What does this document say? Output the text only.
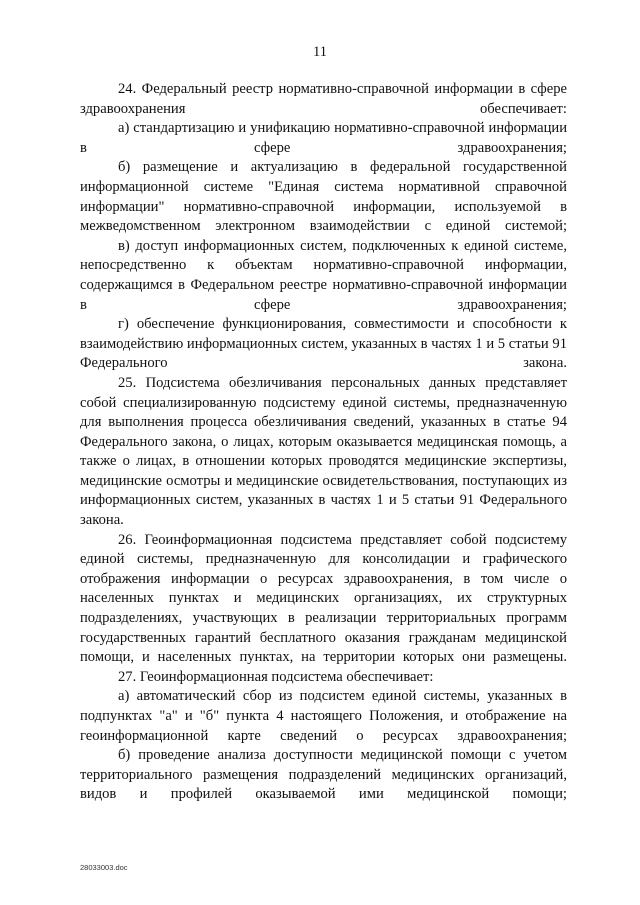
11

24. Федеральный реестр нормативно-справочной информации в сфере здравоохранения обеспечивает:

а) стандартизацию и унификацию нормативно-справочной информации в сфере здравоохранения;

б) размещение и актуализацию в федеральной государственной информационной системе "Единая система нормативной справочной информации" нормативно-справочной информации, используемой в межведомственном электронном взаимодействии с единой системой;

в) доступ информационных систем, подключенных к единой системе, непосредственно к объектам нормативно-справочной информации, содержащимся в Федеральном реестре нормативно-справочной информации в сфере здравоохранения;

г) обеспечение функционирования, совместимости и способности к взаимодействию информационных систем, указанных в частях 1 и 5 статьи 91 Федерального закона.

25. Подсистема обезличивания персональных данных представляет собой специализированную подсистему единой системы, предназначенную для выполнения процесса обезличивания сведений, указанных в статье 94 Федерального закона, о лицах, которым оказывается медицинская помощь, а также о лицах, в отношении которых проводятся медицинские экспертизы, медицинские осмотры и медицинские освидетельствования, поступающих из информационных систем, указанных в частях 1 и 5 статьи 91 Федерального закона.

26. Геоинформационная подсистема представляет собой подсистему единой системы, предназначенную для консолидации и графического отображения информации о ресурсах здравоохранения, в том числе о населенных пунктах и медицинских организациях, их структурных подразделениях, участвующих в реализации территориальных программ государственных гарантий бесплатного оказания гражданам медицинской помощи, и населенных пунктах, на территории которых они размещены.

27. Геоинформационная подсистема обеспечивает:

а) автоматический сбор из подсистем единой системы, указанных в подпунктах "а" и "б" пункта 4 настоящего Положения, и отображение на геоинформационной карте сведений о ресурсах здравоохранения;

б) проведение анализа доступности медицинской помощи с учетом территориального размещения подразделений медицинских организаций, видов и профилей оказываемой ими медицинской помощи;

28033003.doc
